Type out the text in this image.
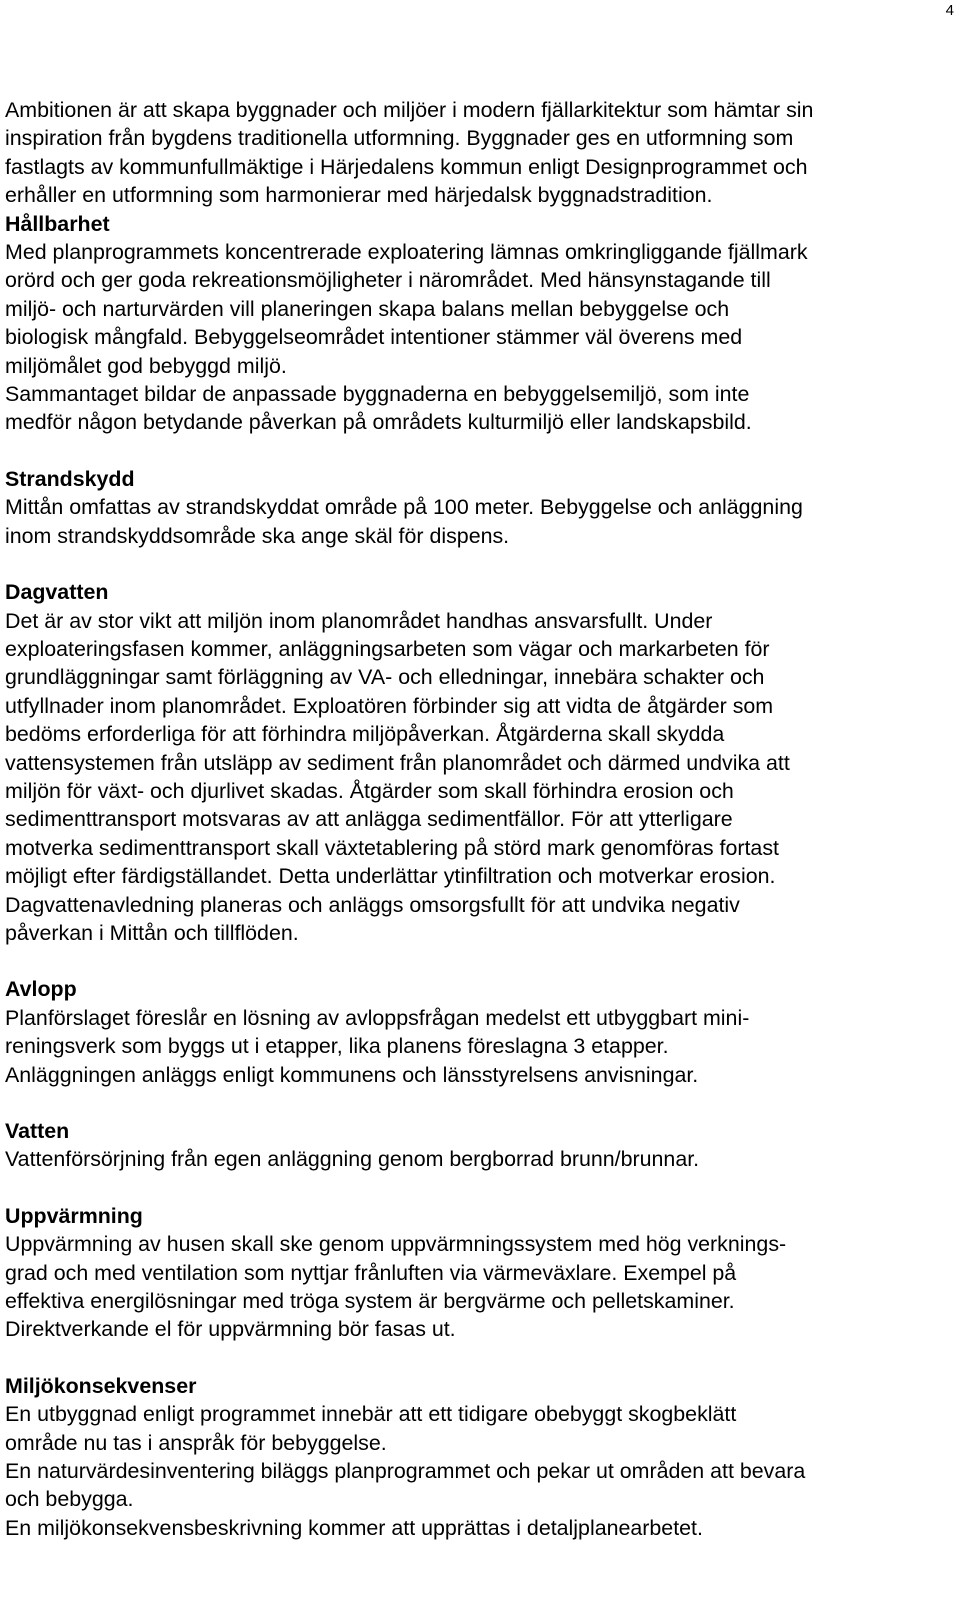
4

Ambitionen är att skapa byggnader och miljöer i modern fjällarkitektur som hämtar sin
inspiration från bygdens traditionella utformning. Byggnader ges en utformning som
fastlagts av kommunfullmäktige i Härjedalens kommun enligt Designprogrammet och
erhåller en utformning som harmonierar med härjedalsk byggnadstradition.

Hållbarhet

Med planprogrammets koncentrerade exploatering lämnas omkringliggande fjällmark
orörd och ger goda rekreationsmöjligheter i närområdet. Med hänsynstagande till
miljö- och narturvärden vill planeringen skapa balans mellan bebyggelse och
biologisk mångfald. Bebyggelseområdet intentioner stämmer väl överens med
miljömålet god bebyggd miljö.
Sammantaget bildar de anpassade byggnaderna en bebyggelsemiljö, som inte
medför någon betydande påverkan på områdets kulturmiljö eller landskapsbild.

Strandskydd

Mittån omfattas av strandskyddat område på 100 meter. Bebyggelse och anläggning
inom strandskyddsområde ska ange skäl för dispens.

Dagvatten

Det är av stor vikt att miljön inom planområdet handhas ansvarsfullt. Under
exploateringsfasen kommer, anläggningsarbeten som vägar och markarbeten för
grundläggningar samt förläggning av VA- och elledningar, innebära schakter och
utfyllnader inom planområdet. Exploatören förbinder sig att vidta de åtgärder som
bedöms erforderliga för att förhindra miljöpåverkan. Åtgärderna skall skydda
vattensystemen från utsläpp av sediment från planområdet och därmed undvika att
miljön för växt- och djurlivet skadas. Åtgärder som skall förhindra erosion och
sedimenttransport motsvaras av att anlägga sedimentfällor. För att ytterligare
motverka sedimenttransport skall växtetablering på störd mark genomföras fortast
möjligt efter färdigställandet. Detta underlättar ytinfiltration och motverkar erosion.
Dagvattenavledning planeras och anläggs omsorgsfullt för att undvika negativ
påverkan i Mittån och tillflöden.

Avlopp

Planförslaget föreslår en lösning av avloppsfrågan medelst ett utbyggbart mini-
reningsverk som byggs ut i etapper, lika planens föreslagna 3 etapper.
Anläggningen anläggs enligt kommunens och länsstyrelsens anvisningar.

Vatten

Vattenförsörjning från egen anläggning genom bergborrad brunn/brunnar.

Uppvärmning

Uppvärmning av husen skall ske genom uppvärmningssystem med hög verknings-
grad och med ventilation som nyttjar frånluften via värmeväxlare. Exempel på
effektiva energilösningar med tröga system är bergvärme och pelletskaminer.
Direktverkande el för uppvärmning bör fasas ut.

Miljökonsekvenser

En utbyggnad enligt programmet innebär att ett tidigare obebyggt skogbeklätt
område nu tas i anspråk för bebyggelse.
En naturvärdesinventering biläggs planprogrammet och pekar ut områden att bevara
och bebygga.
En miljökonsekvensbeskrivning kommer att upprättas i detaljplanearbetet.
